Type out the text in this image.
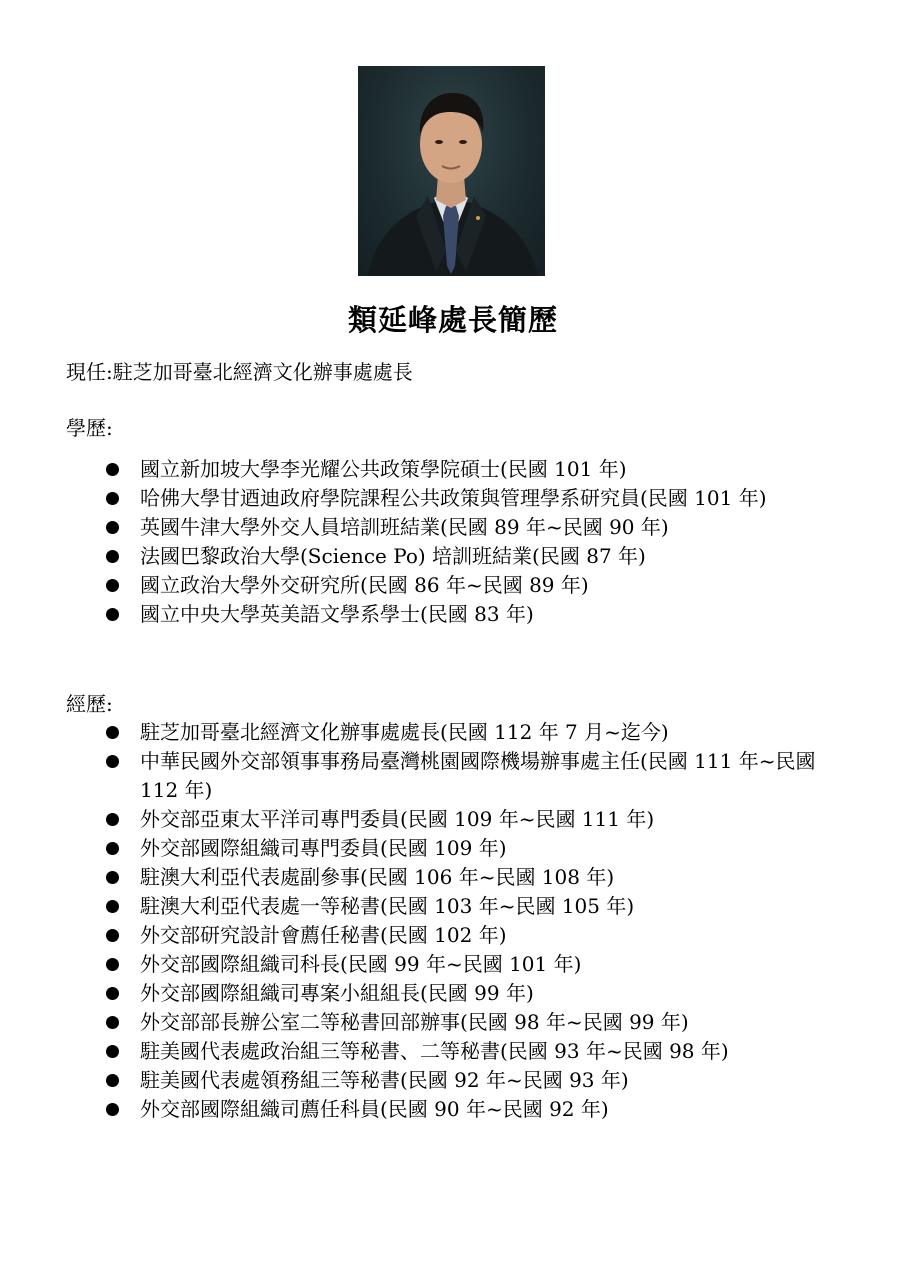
類延峰處長簡歷
現任:駐芝加哥臺北經濟文化辦事處處長
學歷:
國立新加坡大學李光耀公共政策學院碩士(民國 101 年)
哈佛大學甘迺迪政府學院課程公共政策與管理學系研究員(民國 101 年)
英國牛津大學外交人員培訓班結業(民國 89 年~民國 90 年)
法國巴黎政治大學(Science Po) 培訓班結業(民國 87 年)
國立政治大學外交研究所(民國 86 年~民國 89 年)
國立中央大學英美語文學系學士(民國 83 年)
經歷:
駐芝加哥臺北經濟文化辦事處處長(民國 112 年 7 月~迄今)
中華民國外交部領事事務局臺灣桃園國際機場辦事處主任(民國 111 年~民國 112 年)
外交部亞東太平洋司專門委員(民國 109 年~民國 111 年)
外交部國際組織司專門委員(民國 109 年)
駐澳大利亞代表處副參事(民國 106 年~民國 108 年)
駐澳大利亞代表處一等秘書(民國 103 年~民國 105 年)
外交部研究設計會薦任秘書(民國 102 年)
外交部國際組織司科長(民國 99 年~民國 101 年)
外交部國際組織司專案小組組長(民國 99 年)
外交部部長辦公室二等秘書回部辦事(民國 98 年~民國 99 年)
駐美國代表處政治組三等秘書、二等秘書(民國 93 年~民國 98 年)
駐美國代表處領務組三等秘書(民國 92 年~民國 93 年)
外交部國際組織司薦任科員(民國 90 年~民國 92 年)
